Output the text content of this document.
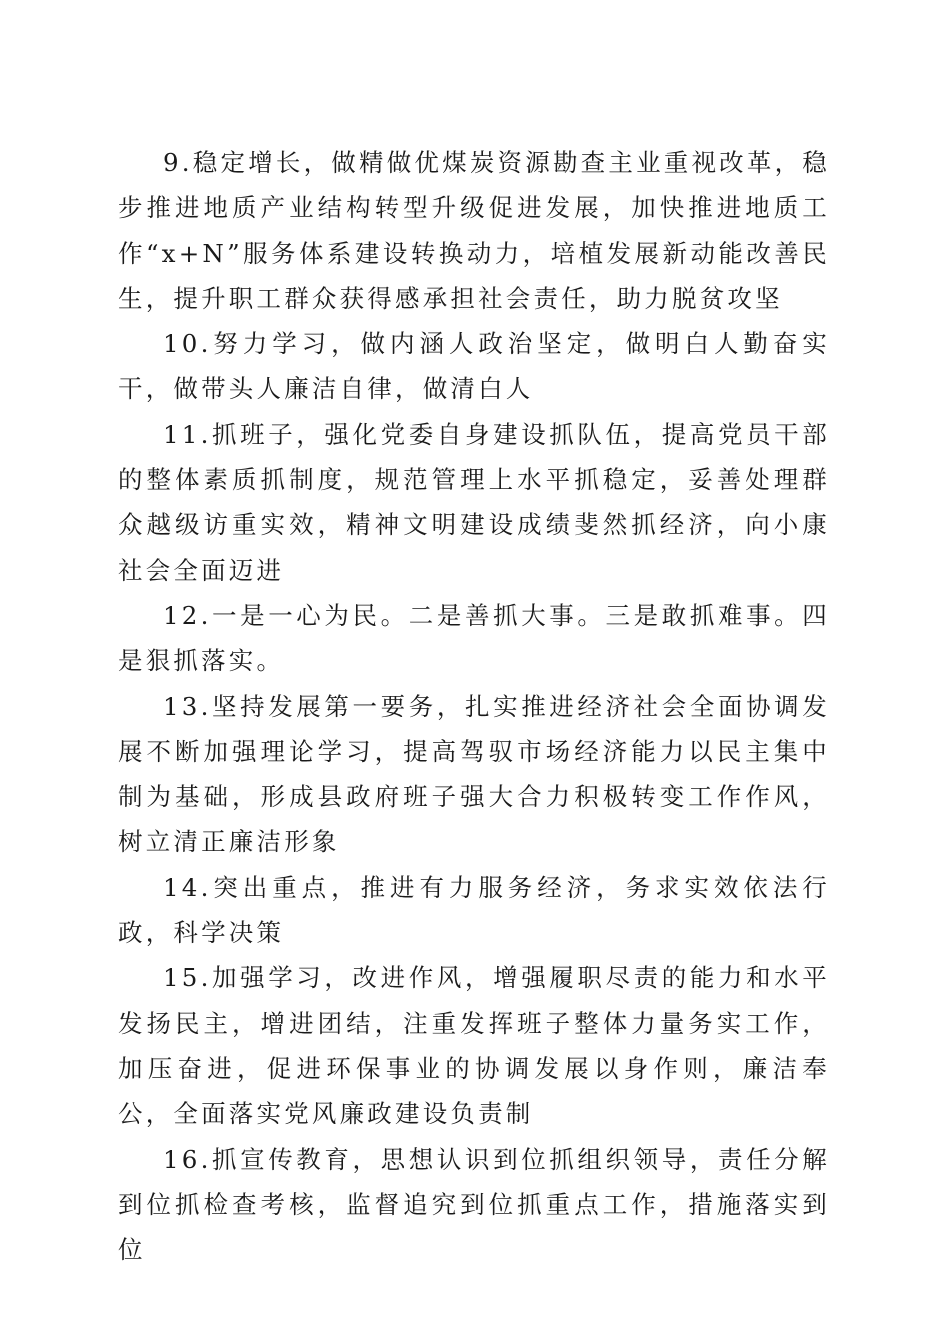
9.稳定增长，做精做优煤炭资源勘查主业重视改革，稳步推进地质产业结构转型升级促进发展，加快推进地质工作“x+N”服务体系建设转换动力，培植发展新动能改善民生，提升职工群众获得感承担社会责任，助力脱贫攻坚

10.努力学习，做内涵人政治坚定，做明白人勤奋实干，做带头人廉洁自律，做清白人

11.抓班子，强化党委自身建设抓队伍，提高党员干部的整体素质抓制度，规范管理上水平抓稳定，妥善处理群众越级访重实效，精神文明建设成绩斐然抓经济，向小康社会全面迈进

12.一是一心为民。二是善抓大事。三是敢抓难事。四是狠抓落实。

13.坚持发展第一要务，扎实推进经济社会全面协调发展不断加强理论学习，提高驾驭市场经济能力以民主集中制为基础，形成县政府班子强大合力积极转变工作作风，树立清正廉洁形象

14.突出重点，推进有力服务经济，务求实效依法行政，科学决策

15.加强学习，改进作风，增强履职尽责的能力和水平发扬民主，增进团结，注重发挥班子整体力量务实工作，加压奋进，促进环保事业的协调发展以身作则，廉洁奉公，全面落实党风廉政建设负责制

16.抓宣传教育，思想认识到位抓组织领导，责任分解到位抓检查考核，监督追究到位抓重点工作，措施落实到位
